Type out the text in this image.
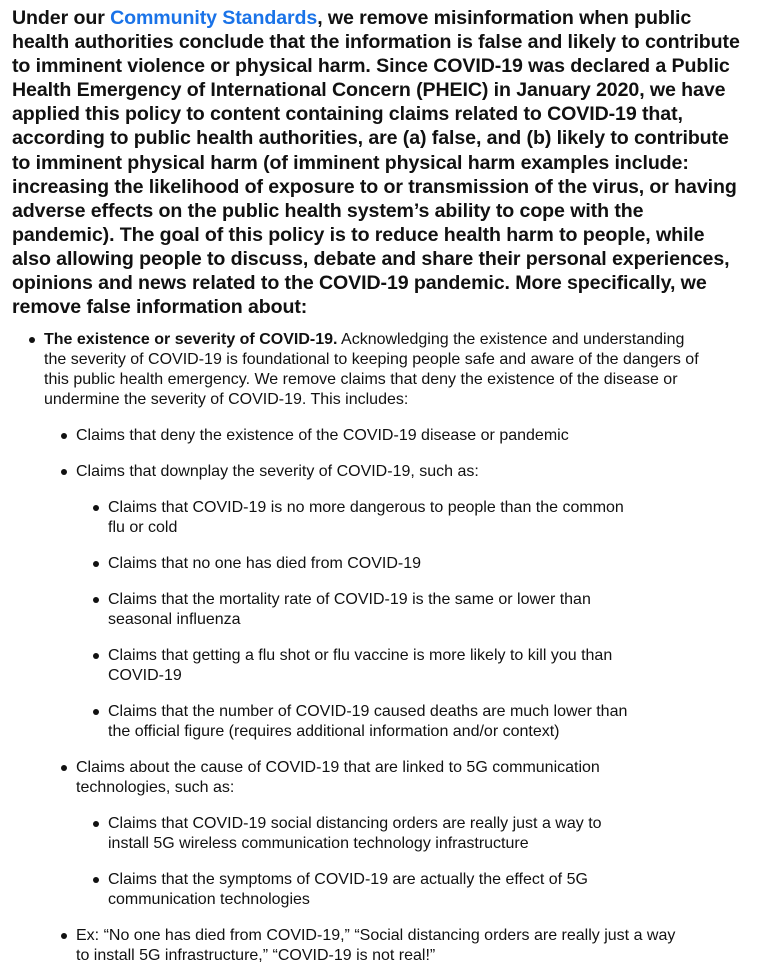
Under our Community Standards, we remove misinformation when public health authorities conclude that the information is false and likely to contribute to imminent violence or physical harm. Since COVID-19 was declared a Public Health Emergency of International Concern (PHEIC) in January 2020, we have applied this policy to content containing claims related to COVID-19 that, according to public health authorities, are (a) false, and (b) likely to contribute to imminent physical harm (of imminent physical harm examples include: increasing the likelihood of exposure to or transmission of the virus, or having adverse effects on the public health system’s ability to cope with the pandemic). The goal of this policy is to reduce health harm to people, while also allowing people to discuss, debate and share their personal experiences, opinions and news related to the COVID-19 pandemic. More specifically, we remove false information about:

The existence or severity of COVID-19. Acknowledging the existence and understanding the severity of COVID-19 is foundational to keeping people safe and aware of the dangers of this public health emergency. We remove claims that deny the existence of the disease or undermine the severity of COVID-19. This includes:
Claims that deny the existence of the COVID-19 disease or pandemic
Claims that downplay the severity of COVID-19, such as:
Claims that COVID-19 is no more dangerous to people than the common flu or cold
Claims that no one has died from COVID-19
Claims that the mortality rate of COVID-19 is the same or lower than seasonal influenza
Claims that getting a flu shot or flu vaccine is more likely to kill you than COVID-19
Claims that the number of COVID-19 caused deaths are much lower than the official figure (requires additional information and/or context)
Claims about the cause of COVID-19 that are linked to 5G communication technologies, such as:
Claims that COVID-19 social distancing orders are really just a way to install 5G wireless communication technology infrastructure
Claims that the symptoms of COVID-19 are actually the effect of 5G communication technologies
Ex: “No one has died from COVID-19,” “Social distancing orders are really just a way to install 5G infrastructure,” “COVID-19 is not real!”
